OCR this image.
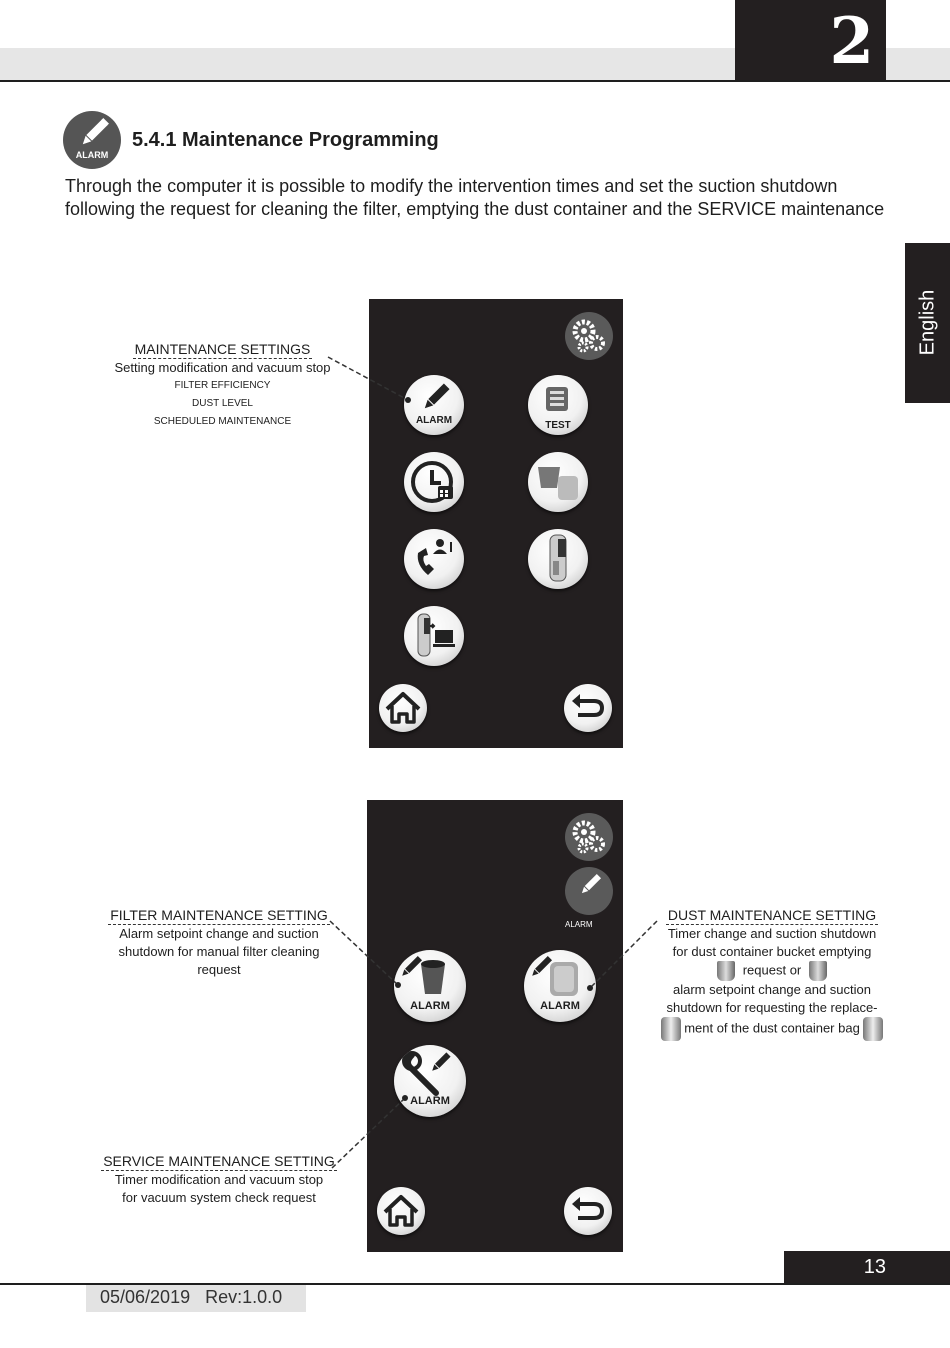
2
English
ALARM
5.4.1 Maintenance Programming
Through the computer it is possible to modify the intervention times and set the suction shutdown following the request for cleaning the filter, emptying the dust container and the SERVICE maintenance
ALARM	TEST
MAINTENANCE SETTINGS
Setting modification and vacuum stop
FILTER EFFICIENCY
DUST LEVEL
SCHEDULED MAINTENANCE
ALARM
ALARM	ALARM
ALARM
FILTER MAINTENANCE SETTING
Alarm setpoint change and suction
shutdown for manual filter cleaning
request
DUST MAINTENANCE SETTING
Timer change and suction shutdown
for dust container bucket emptying
request or
alarm setpoint change and suction
shutdown for requesting the replace-
ment of the dust container bag
SERVICE MAINTENANCE SETTING
Timer modification and vacuum stop
for vacuum system check request
13
05/06/2019   Rev:1.0.0
